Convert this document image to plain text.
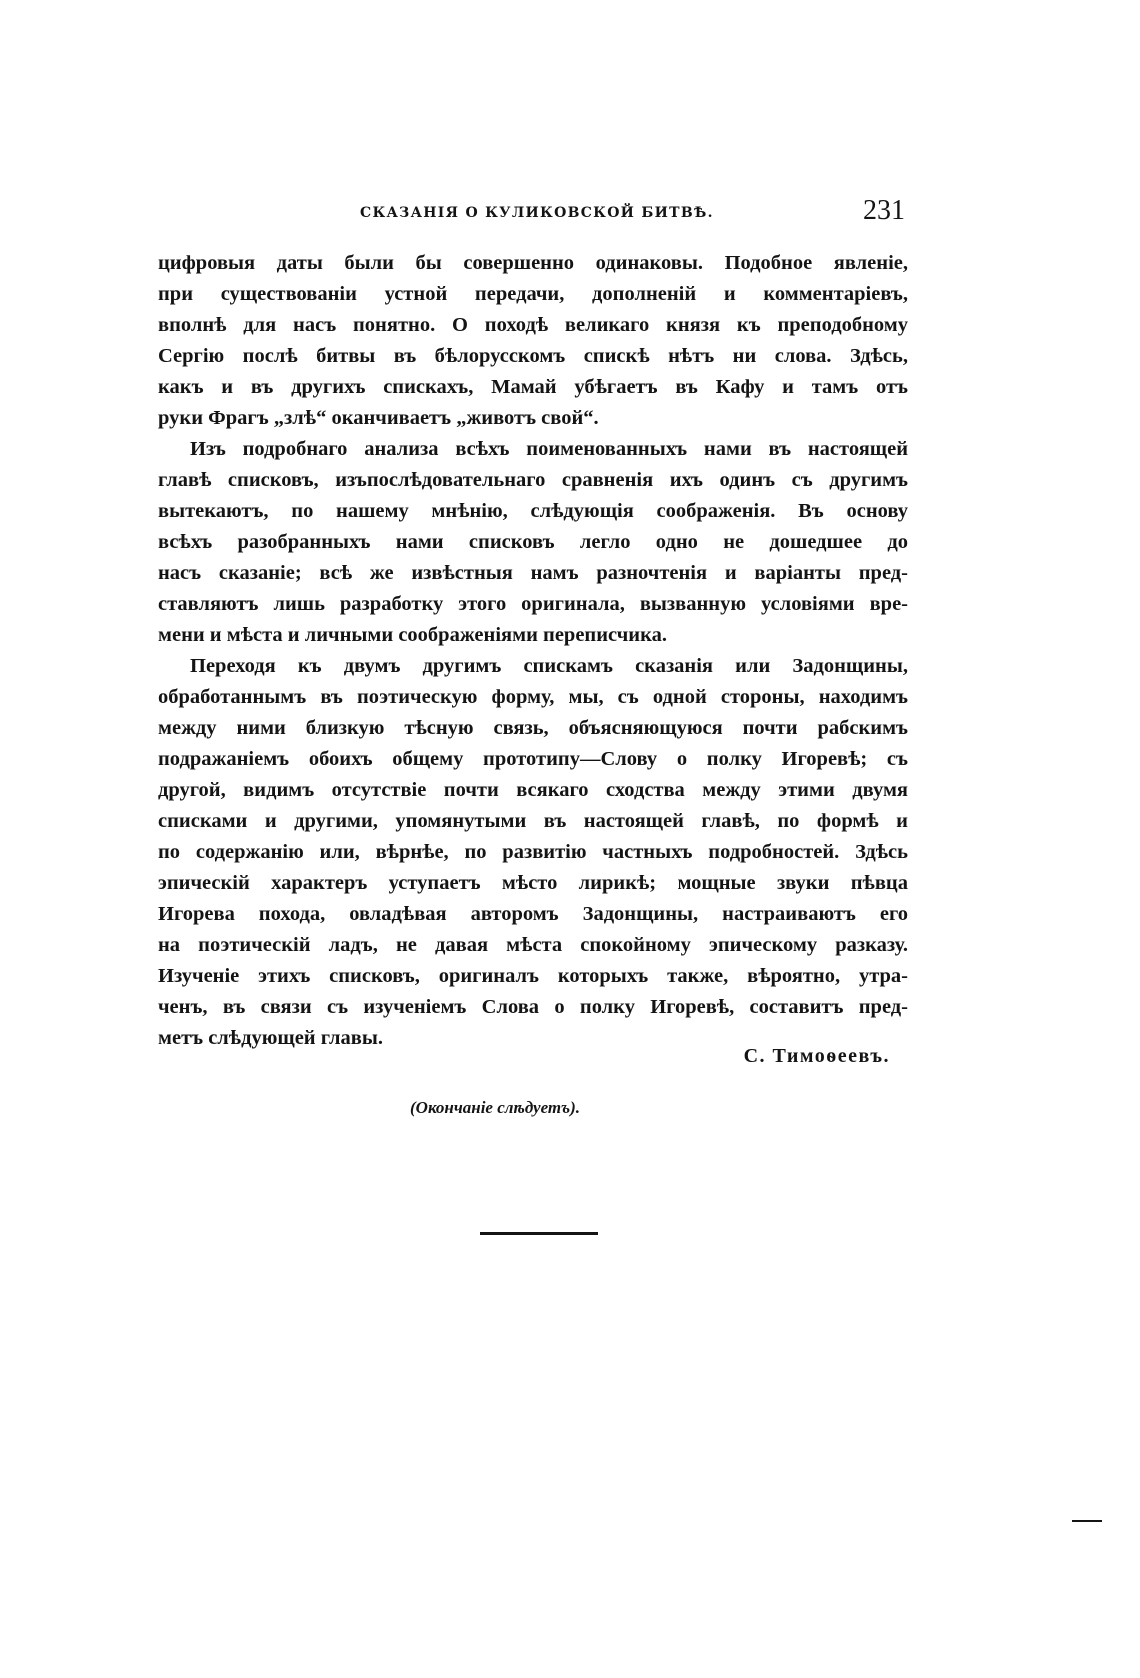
СКАЗАНІЯ О КУЛИКОВСКОЙ БИТВѢ.	231

цифровыя даты были бы совершенно одинаковы. Подобное явленіе,
при существованіи устной передачи, дополненій и комментаріевъ,
вполнѣ для насъ понятно. О походѣ великаго князя къ преподобному
Сергію послѣ битвы въ бѣлорусскомъ спискѣ нѣтъ ни слова. Здѣсь,
какъ и въ другихъ спискахъ, Мамай убѣгаетъ въ Кафу и тамъ отъ
руки Фрагъ „злѣ“ оканчиваетъ „животъ свой“.

Изъ подробнаго анализа всѣхъ поименованныхъ нами въ настоящей
главѣ списковъ, изъпослѣдовательнаго сравненія ихъ одинъ съ другимъ
вытекаютъ, по нашему мнѣнію, слѣдующія соображенія. Въ основу
всѣхъ разобранныхъ нами списковъ легло одно не дошедшее до
насъ сказаніе; всѣ же извѣстныя намъ разночтенія и варіанты пред-
ставляютъ лишь разработку этого оригинала, вызванную условіями вре-
мени и мѣста и личными соображеніями переписчика.

Переходя къ двумъ другимъ спискамъ сказанія или Задонщины,
обработаннымъ въ поэтическую форму, мы, съ одной стороны, находимъ
между ними близкую тѣсную связь, объясняющуюся почти рабскимъ
подражаніемъ обоихъ общему прототипу—Слову о полку Игоревѣ; съ
другой, видимъ отсутствіе почти всякаго сходства между этими двумя
списками и другими, упомянутыми въ настоящей главѣ, по формѣ и
по содержанію или, вѣрнѣе, по развитію частныхъ подробностей. Здѣсь
эпическій характеръ уступаетъ мѣсто лирикѣ; мощные звуки пѣвца
Игорева похода, овладѣвая авторомъ Задонщины, настраиваютъ его
на поэтическій ладъ, не давая мѣста спокойному эпическому разказу.
Изученіе этихъ списковъ, оригиналъ которыхъ также, вѣроятно, утра-
ченъ, въ связи съ изученіемъ Слова о полку Игоревѣ, составитъ пред-
метъ слѣдующей главы.

С. Тимоѳеевъ.
(Окончаніе слѣдуетъ).
